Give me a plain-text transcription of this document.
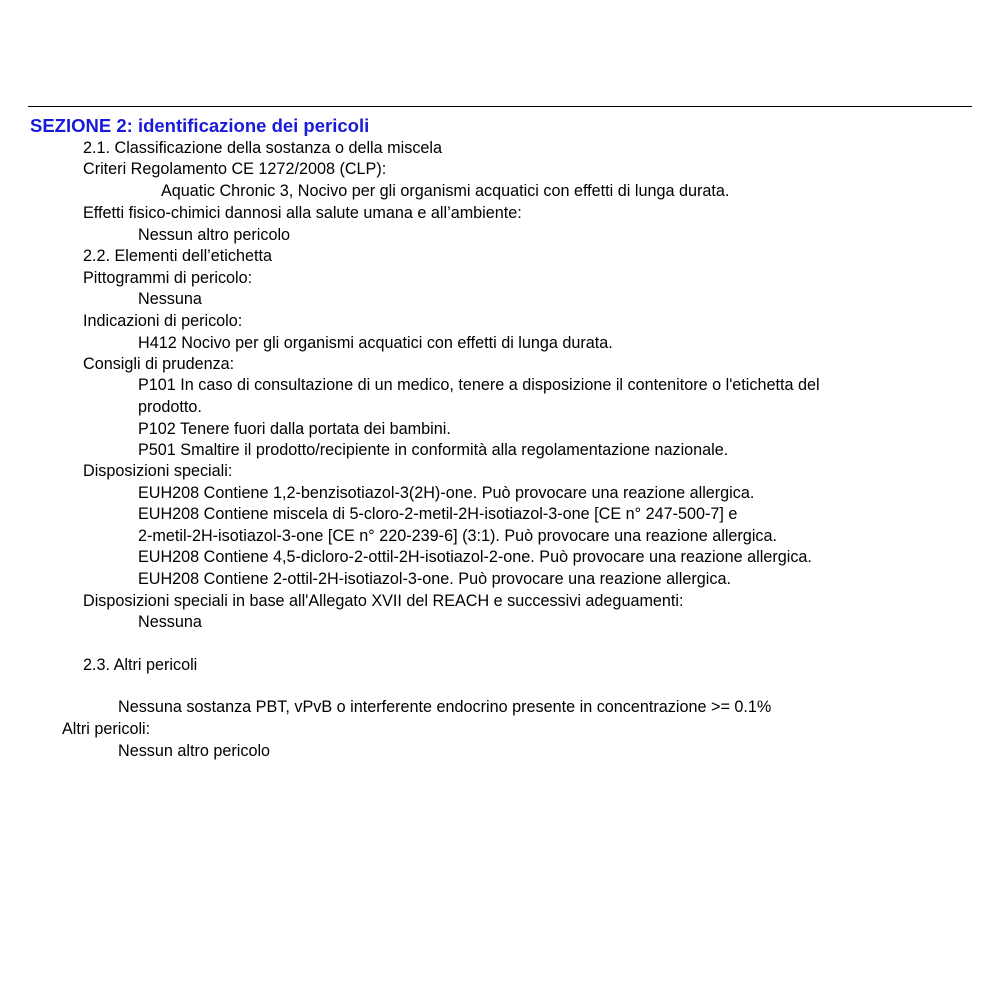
SEZIONE 2: identificazione dei pericoli
2.1. Classificazione della sostanza o della miscela
Criteri Regolamento CE 1272/2008 (CLP):
Aquatic Chronic 3, Nocivo per gli organismi acquatici con effetti di lunga durata.
Effetti fisico-chimici dannosi alla salute umana e all’ambiente:
Nessun altro pericolo
2.2. Elementi dell’etichetta
Pittogrammi di pericolo:
Nessuna
Indicazioni di pericolo:
H412 Nocivo per gli organismi acquatici con effetti di lunga durata.
Consigli di prudenza:
P101 In caso di consultazione di un medico, tenere a disposizione il contenitore o l'etichetta del
prodotto.
P102 Tenere fuori dalla portata dei bambini.
P501 Smaltire il prodotto/recipiente in conformità alla regolamentazione nazionale.
Disposizioni speciali:
EUH208 Contiene 1,2-benzisotiazol-3(2H)-one. Può provocare una reazione allergica.
EUH208 Contiene miscela di 5-cloro-2-metil-2H-isotiazol-3-one [CE n° 247-500-7] e
2-metil-2H-isotiazol-3-one [CE n° 220-239-6] (3:1). Può provocare una reazione allergica.
EUH208 Contiene 4,5-dicloro-2-ottil-2H-isotiazol-2-one. Può provocare una reazione allergica.
EUH208 Contiene 2-ottil-2H-isotiazol-3-one. Può provocare una reazione allergica.
Disposizioni speciali in base all'Allegato XVII del REACH e successivi adeguamenti:
Nessuna
2.3. Altri pericoli
Nessuna sostanza PBT, vPvB o interferente endocrino presente in concentrazione >= 0.1%
Altri pericoli:
Nessun altro pericolo
